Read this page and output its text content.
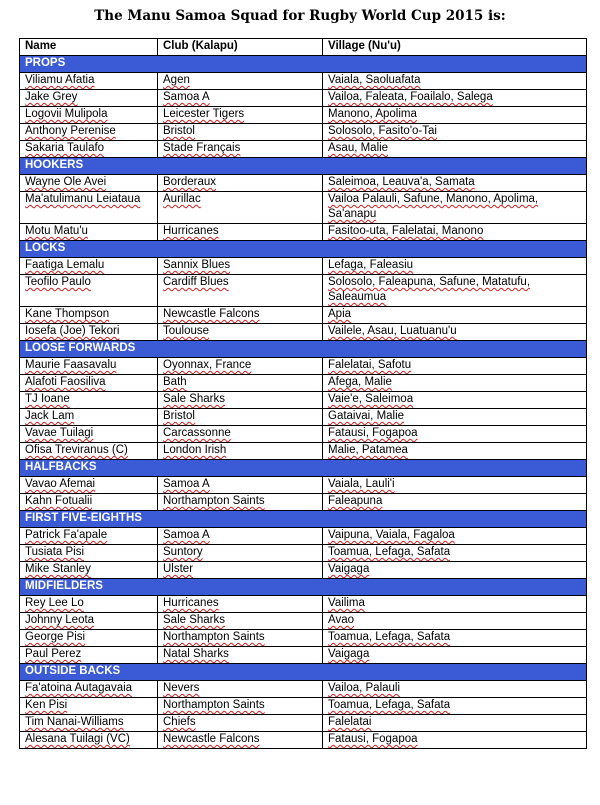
The Manu Samoa Squad for Rugby World Cup 2015 is:
Name	Club (Kalapu)	Village (Nu'u)
PROPS		
Viliamu Afatia	Agen	Vaiala, Saoluafata
Jake Grey	Samoa A	Vailoa, Faleata, Foailalo, Salega
Logovii Mulipola	Leicester Tigers	Manono, Apolima
Anthony Perenise	Bristol	Solosolo, Fasito'o-Tai
Sakaria Taulafo	Stade Français	Asau, Malie
HOOKERS		
Wayne Ole Avei	Borderaux	Saleimoa, Leauva'a, Samata
Ma'atulimanu Leiataua	Aurillac	Vailoa Palauli, Safune, Manono, Apolima, Sa'anapu
Motu Matu'u	Hurricanes	Fasitoo-uta, Falelatai, Manono
LOCKS		
Faatiga Lemalu	Sannix Blues	Lefaga, Faleasiu
Teofilo Paulo	Cardiff Blues	Solosolo, Faleapuna, Safune, Matatufu, Saleaumua
Kane Thompson	Newcastle Falcons	Apia
Iosefa (Joe) Tekori	Toulouse	Vailele, Asau, Luatuanu'u
LOOSE FORWARDS		
Maurie Faasavalu	Oyonnax, France	Falelatai, Safotu
Alafoti Faosiliva	Bath	Afega, Malie
TJ Ioane	Sale Sharks	Vaie'e, Saleimoa
Jack Lam	Bristol	Gataivai, Malie
Vavae Tuilagi	Carcassonne	Fatausi, Fogapoa
Ofisa Treviranus (C)	London Irish	Malie, Patamea
HALFBACKS		
Vavao Afemai	Samoa A	Vaiala, Lauli'i
Kahn Fotualii	Northampton Saints	Faleapuna
FIRST FIVE-EIGHTHS		
Patrick Fa'apale	Samoa A	Vaipuna, Vaiala, Fagaloa
Tusiata Pisi	Suntory	Toamua, Lefaga, Safata
Mike Stanley	Ulster	Vaigaga
MIDFIELDERS		
Rey Lee Lo	Hurricanes	Vailima
Johnny Leota	Sale Sharks	Avao
George Pisi	Northampton Saints	Toamua, Lefaga, Safata
Paul Perez	Natal Sharks	Vaigaga
OUTSIDE BACKS		
Fa'atoina Autagavaia	Nevers	Vailoa, Palauli
Ken Pisi	Northampton Saints	Toamua, Lefaga, Safata
Tim Nanai-Williams	Chiefs	Falelatai
Alesana Tuilagi (VC)	Newcastle Falcons	Fatausi, Fogapoa
